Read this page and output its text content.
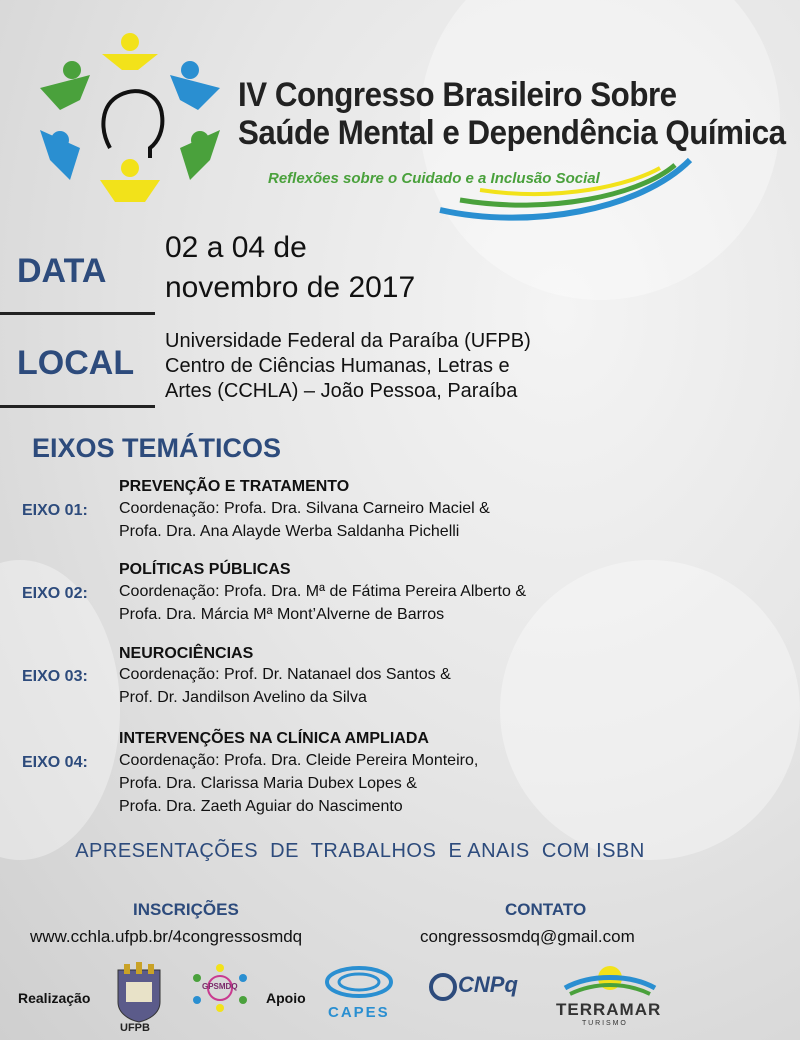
IV Congresso Brasileiro Sobre
Saúde Mental e Dependência Química
Reflexões sobre o Cuidado e a Inclusão Social
DATA
02 a 04 de
novembro de 2017
LOCAL
Universidade Federal da Paraíba (UFPB)
Centro de Ciências Humanas, Letras e
Artes (CCHLA) – João Pessoa, Paraíba
EIXOS TEMÁTICOS
PREVENÇÃO E TRATAMENTO
EIXO 01: Coordenação: Profa. Dra. Silvana Carneiro Maciel &
Profa. Dra. Ana Alayde Werba Saldanha Pichelli
POLÍTICAS PÚBLICAS
EIXO 02: Coordenação: Profa. Dra. Mª de Fátima Pereira Alberto &
Profa. Dra. Márcia Mª Mont’Alverne de Barros
NEUROCIÊNCIAS
EIXO 03: Coordenação: Prof. Dr. Natanael dos Santos &
Prof. Dr. Jandilson Avelino da Silva
INTERVENÇÕES NA CLÍNICA AMPLIADA
EIXO 04: Coordenação: Profa. Dra. Cleide Pereira Monteiro,
Profa. Dra. Clarissa Maria Dubex Lopes &
Profa. Dra. Zaeth Aguiar do Nascimento
APRESENTAÇÕES  DE  TRABALHOS  E ANAIS  COM ISBN
INSCRIÇÕES
www.cchla.ufpb.br/4congressosmdq
CONTATO
congressosmdq@gmail.com
Realização
UFPB
GPSMDQ
Apoio
CAPES
CNPq
TERRAMAR
T U R I S M O
